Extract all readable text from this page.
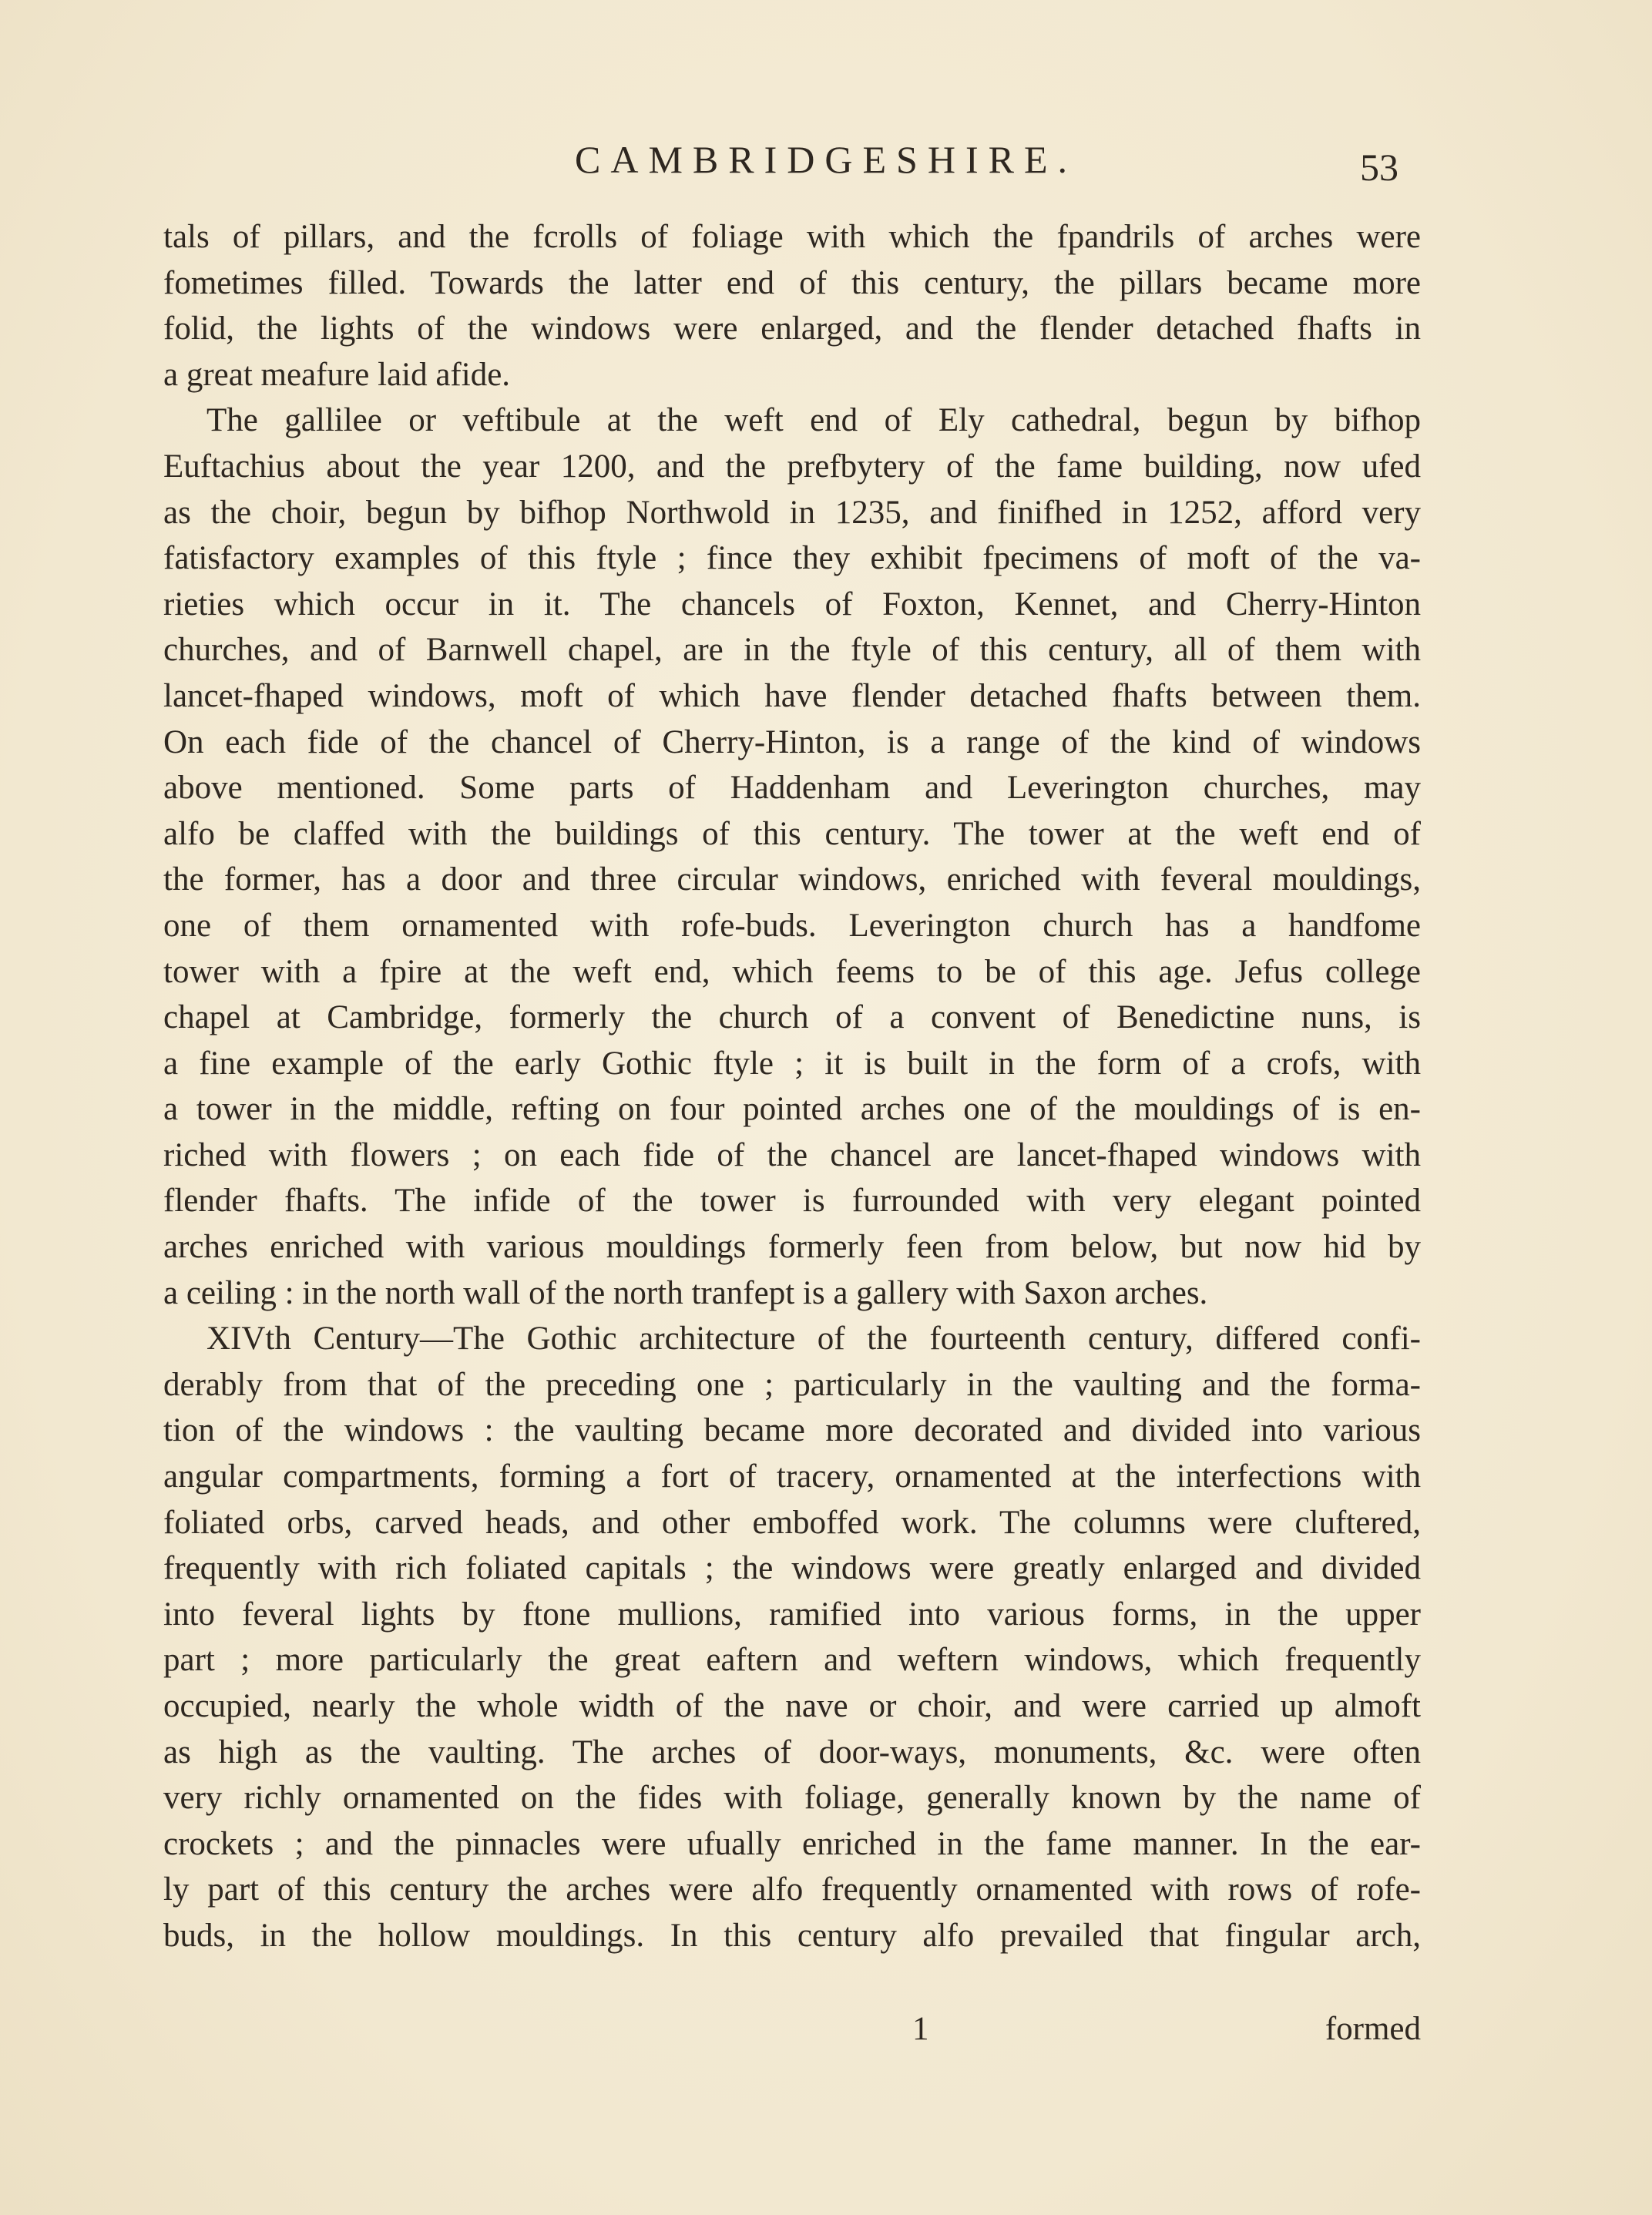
CAMBRIDGESHIRE.	53
tals of pillars, and the fcrolls of foliage with which the fpandrils of arches were
fometimes filled. Towards the latter end of this century, the pillars became more
folid, the lights of the windows were enlarged, and the flender detached fhafts in
a great meafure laid afide.
The gallilee or veftibule at the weft end of Ely cathedral, begun by bifhop
Euftachius about the year 1200, and the prefbytery of the fame building, now ufed
as the choir, begun by bifhop Northwold in 1235, and finifhed in 1252, afford very
fatisfactory examples of this ftyle ; fince they exhibit fpecimens of moft of the va-
rieties which occur in it. The chancels of Foxton, Kennet, and Cherry-Hinton
churches, and of Barnwell chapel, are in the ftyle of this century, all of them with
lancet-fhaped windows, moft of which have flender detached fhafts between them.
On each fide of the chancel of Cherry-Hinton, is a range of the kind of windows
above mentioned. Some parts of Haddenham and Leverington churches, may
alfo be claffed with the buildings of this century. The tower at the weft end of
the former, has a door and three circular windows, enriched with feveral mouldings,
one of them ornamented with rofe-buds. Leverington church has a handfome
tower with a fpire at the weft end, which feems to be of this age. Jefus college
chapel at Cambridge, formerly the church of a convent of Benedictine nuns, is
a fine example of the early Gothic ftyle ; it is built in the form of a crofs, with
a tower in the middle, refting on four pointed arches one of the mouldings of is en-
riched with flowers ; on each fide of the chancel are lancet-fhaped windows with
flender fhafts. The infide of the tower is furrounded with very elegant pointed
arches enriched with various mouldings formerly feen from below, but now hid by
a ceiling : in the north wall of the north tranfept is a gallery with Saxon arches.
XIVth Century—The Gothic architecture of the fourteenth century, differed confi-
derably from that of the preceding one ; particularly in the vaulting and the forma-
tion of the windows : the vaulting became more decorated and divided into various
angular compartments, forming a fort of tracery, ornamented at the interfections with
foliated orbs, carved heads, and other emboffed work. The columns were cluftered,
frequently with rich foliated capitals ; the windows were greatly enlarged and divided
into feveral lights by ftone mullions, ramified into various forms, in the upper
part ; more particularly the great eaftern and weftern windows, which frequently
occupied, nearly the whole width of the nave or choir, and were carried up almoft
as high as the vaulting. The arches of door-ways, monuments, &c. were often
very richly ornamented on the fides with foliage, generally known by the name of
crockets ; and the pinnacles were ufually enriched in the fame manner. In the ear-
ly part of this century the arches were alfo frequently ornamented with rows of rofe-
buds, in the hollow mouldings. In this century alfo prevailed that fingular arch,
1	formed
